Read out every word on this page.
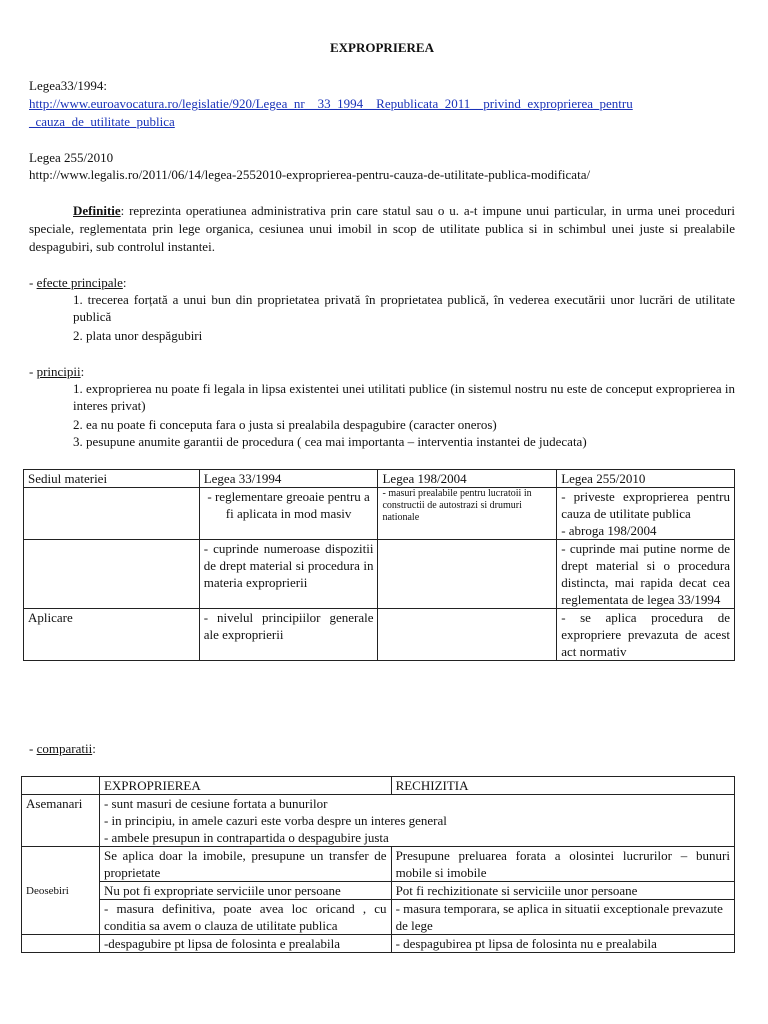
EXPROPRIEREA
Legea33/1994:
http://www.euroavocatura.ro/legislatie/920/Legea_nr__33_1994__Republicata_2011__privind_exproprierea_pentru
_cauza_de_utilitate_publica
Legea 255/2010
http://www.legalis.ro/2011/06/14/legea-2552010-exproprierea-pentru-cauza-de-utilitate-publica-modificata/
Definitie: reprezinta operatiunea administrativa prin care statul sau o u. a-t impune unui particular, in urma unei proceduri speciale, reglementata prin lege organica, cesiunea unui imobil in scop de utilitate publica si in schimbul unei juste si prealabile despagubiri, sub controlul instantei.
- efecte principale:
1. trecerea forțată a unui bun din proprietatea privată în proprietatea publică, în vederea executării unor lucrări de utilitate publică
2. plata unor despăgubiri
- principii:
1. exproprierea nu poate fi legala in lipsa existentei unei utilitati publice (in sistemul nostru nu este de conceput exproprierea in interes privat)
2. ea nu poate fi conceputa fara o justa si prealabila despagubire (caracter oneros)
3. pesupune anumite garantii de procedura ( cea mai importanta – interventia instantei de judecata)
Sediul materiei	Legea 33/1994	Legea 198/2004	Legea 255/2010
	- reglementare greoaie pentru a fi aplicata in mod masiv	- masuri prealabile pentru lucratoii in constructii de autostrazi si drumuri nationale	- priveste exproprierea pentru cauza de utilitate publica
- abroga 198/2004
	- cuprinde numeroase dispozitii de drept material si procedura in materia exproprierii		- cuprinde mai putine norme de drept material si o procedura distincta, mai rapida decat cea reglementata de legea 33/1994
Aplicare	- nivelul principiilor generale ale exproprierii		- se aplica procedura de expropriere prevazuta de acest act normativ
- comparatii:
	EXPROPRIEREA	RECHIZITIA
Asemanari	- sunt masuri de cesiune fortata a bunurilor
- in principiu, in amele cazuri este vorba despre un interes general
- ambele presupun in contrapartida o despagubire justa	

Deosebiri	Se aplica doar la imobile, presupune un transfer de proprietate	Presupune preluarea forata a olosintei lucrurilor – bunuri mobile si imobile
	Nu pot fi expropriate serviciile unor persoane	Pot fi rechizitionate si serviciile unor persoane
	- masura definitiva, poate avea loc oricand , cu conditia sa avem o clauza de utilitate publica	- masura temporara, se aplica in situatii exceptionale prevazute de lege
	-despagubire pt lipsa de folosinta e prealabila	- despagubirea pt lipsa de folosinta nu e prealabila
